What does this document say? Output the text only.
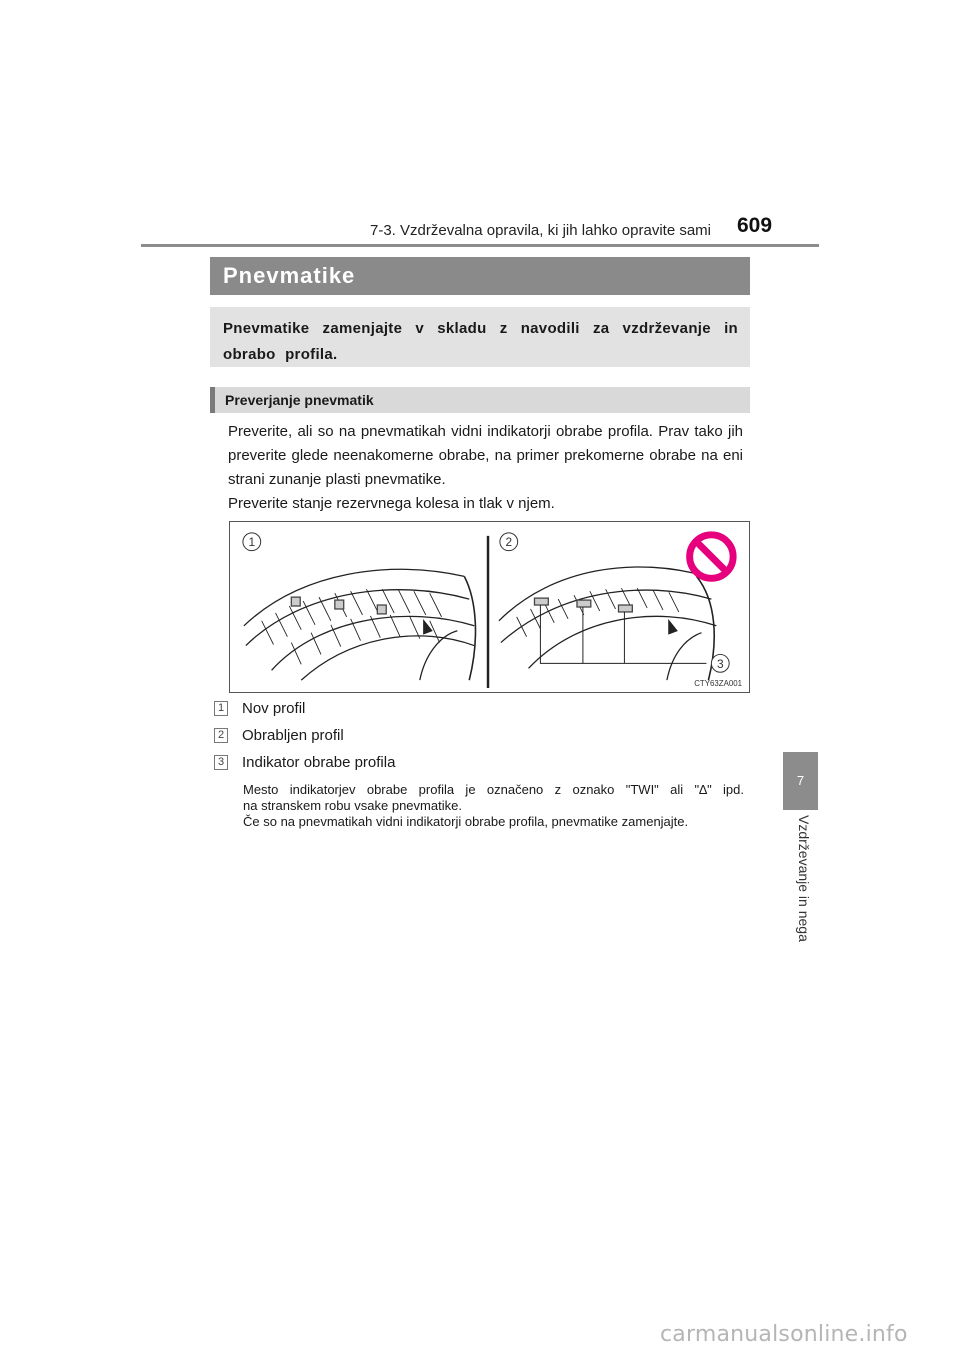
7-3. Vzdrževalna opravila, ki jih lahko opravite sami 609
7
Vzdrževanje in nega
Pnevmatike
Pnevmatike zamenjajte v skladu z navodili za vzdrževanje in obrabo profila.
Preverjanje pnevmatik

Preverite, ali so na pnevmatikah vidni indikatorji obrabe profila. Prav tako jih preverite glede neenakomerne obrabe, na primer prekomerne obrabe na eni strani zunanje plasti pnevmatike.

Preverite stanje rezervnega kolesa in tlak v njem.

1	2
3
CTY63ZA001
1 Nov profil
2 Obrabljen profil
3 Indikator obrabe profila

Mesto indikatorjev obrabe profila je označeno z oznako "TWI" ali "∆" ipd.

na stranskem robu vsake pnevmatike.

Če so na pnevmatikah vidni indikatorji obrabe profila, pnevmatike zamenjajte.

carmanualsonline.info
